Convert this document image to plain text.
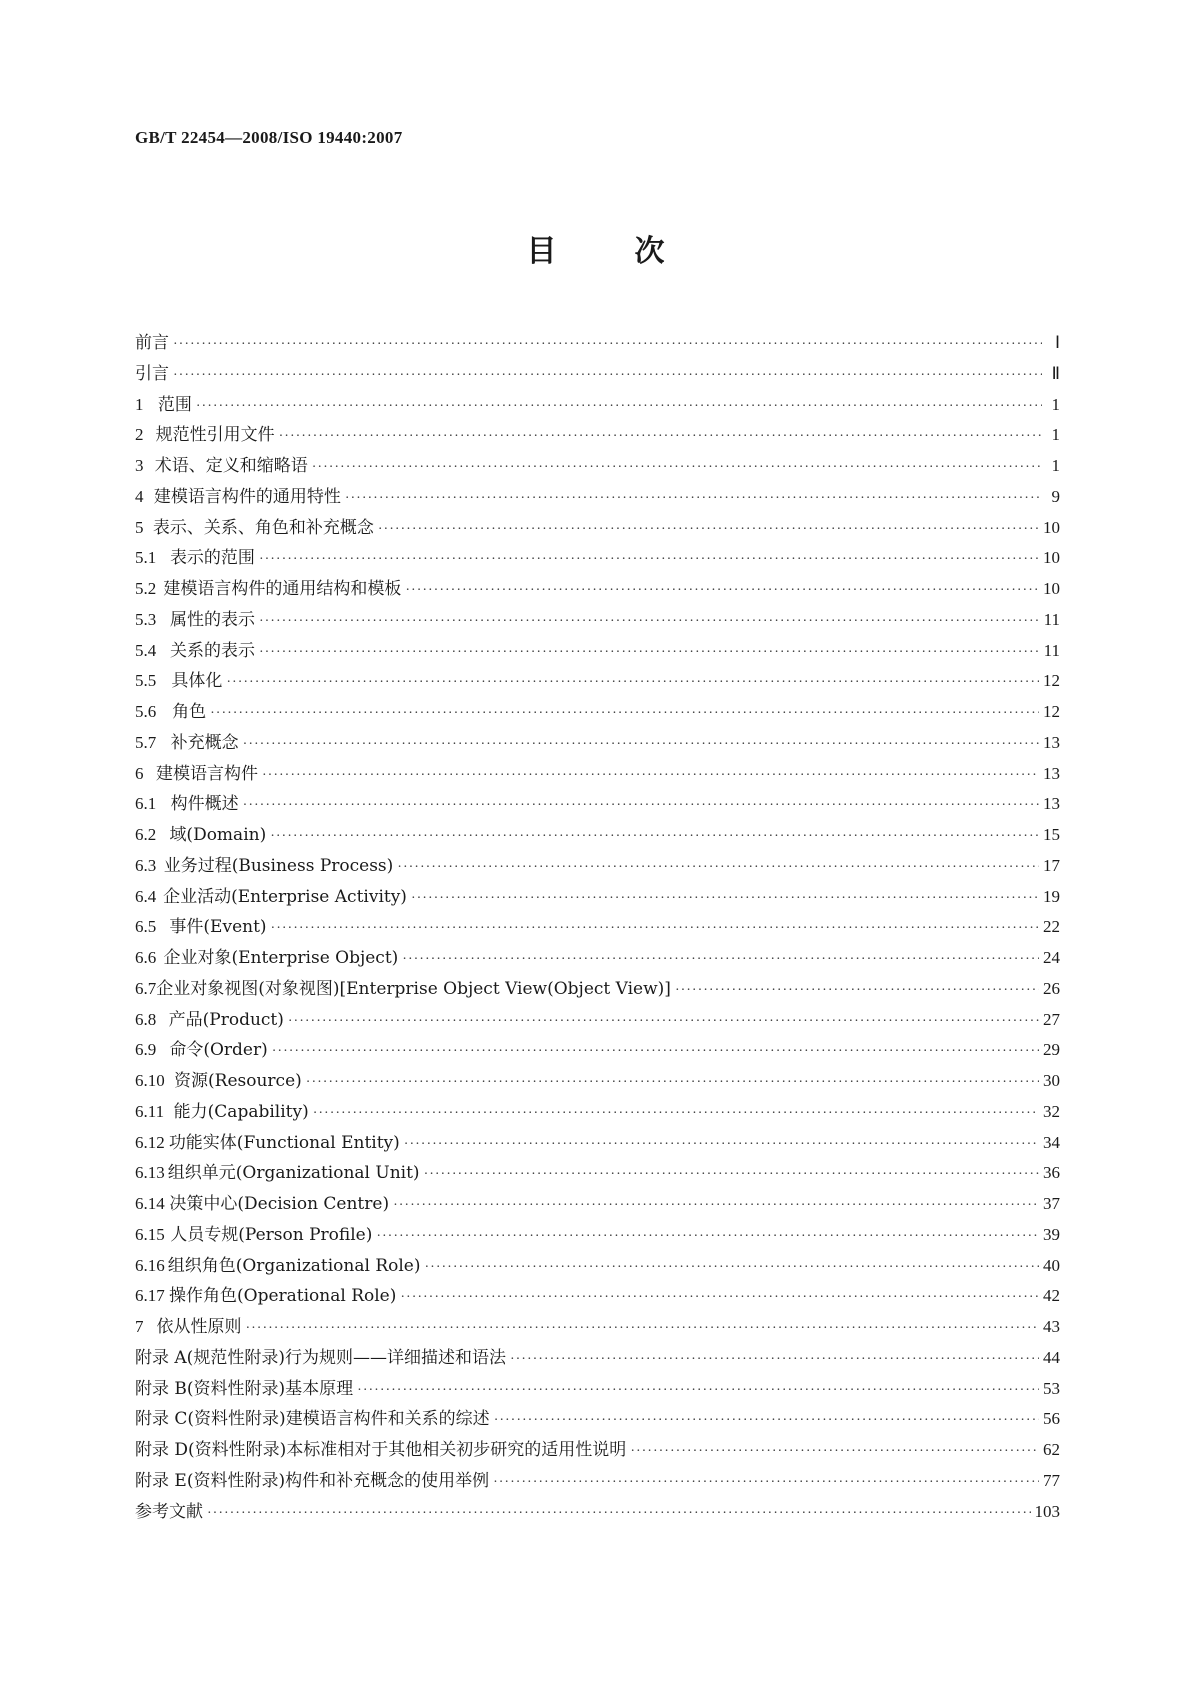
GB/T 22454—2008/ISO 19440:2007
目	次
前言 ·····	Ⅰ
引言 ·····	Ⅱ
1 范围 ·····	1
2 规范性引用文件 ·····	1
3 术语、定义和缩略语 ·····	1
4 建模语言构件的通用特性 ·····	9
5 表示、关系、角色和补充概念 ·····	10
5.1 表示的范围 ·····	10
5.2 建模语言构件的通用结构和模板 ·····	10
5.3 属性的表示 ·····	11
5.4 关系的表示 ·····	11
5.5 具体化 ·····	12
5.6 角色 ·····	12
5.7 补充概念 ·····	13
6 建模语言构件 ·····	13
6.1 构件概述 ·····	13
6.2 域(Domain) ·····	15
6.3 业务过程(Business Process) ·····	17
6.4 企业活动(Enterprise Activity) ·····	19
6.5 事件(Event) ·····	22
6.6 企业对象(Enterprise Object) ·····	24
6.7 企业对象视图(对象视图)[Enterprise Object View(Object View)] ·····	26
6.8 产品(Product) ·····	27
6.9 命令(Order) ·····	29
6.10 资源(Resource) ·····	30
6.11 能力(Capability) ·····	32
6.12 功能实体(Functional Entity) ·····	34
6.13 组织单元(Organizational Unit) ·····	36
6.14 决策中心(Decision Centre) ·····	37
6.15 人员专规(Person Profile) ·····	39
6.16 组织角色(Organizational Role) ·····	40
6.17 操作角色(Operational Role) ·····	42
7 依从性原则 ·····	43
附录 A(规范性附录) 行为规则——详细描述和语法 ·····	44
附录 B(资料性附录) 基本原理 ·····	53
附录 C(资料性附录) 建模语言构件和关系的综述 ·····	56
附录 D(资料性附录) 本标准相对于其他相关初步研究的适用性说明 ·····	62
附录 E(资料性附录) 构件和补充概念的使用举例 ·····	77
参考文献 ·····	103
